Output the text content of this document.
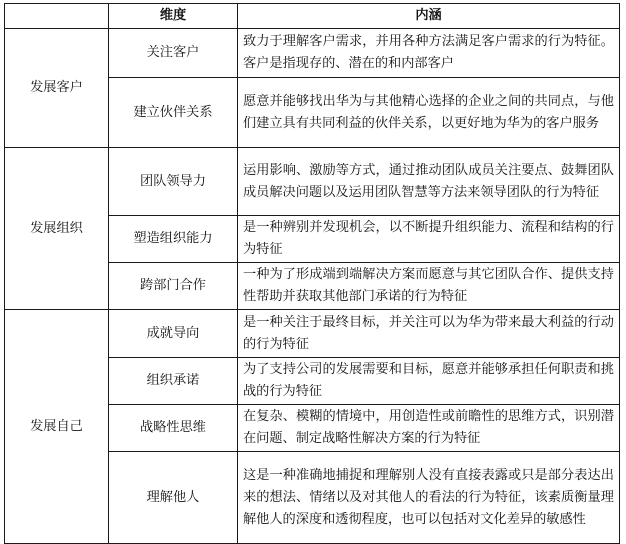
	维度	内涵
发展客户	关注客户	致力于理解客户需求，并用各种方法满足客户需求的行为特征。客户是指现存的、潜在的和内部客户
	建立伙伴关系	愿意并能够找出华为与其他精心选择的企业之间的共同点，与他们建立具有共同利益的伙伴关系，以更好地为华为的客户服务
发展组织	团队领导力	运用影响、激励等方式，通过推动团队成员关注要点、鼓舞团队成员解决问题以及运用团队智慧等方法来领导团队的行为特征
	塑造组织能力	是一种辨别并发现机会，以不断提升组织能力、流程和结构的行为特征
	跨部门合作	一种为了形成端到端解决方案而愿意与其它团队合作、提供支持性帮助并获取其他部门承诺的行为特征
发展自己	成就导向	是一种关注于最终目标，并关注可以为华为带来最大利益的行动的行为特征
	组织承诺	为了支持公司的发展需要和目标，愿意并能够承担任何职责和挑战的行为特征
	战略性思维	在复杂、模糊的情境中，用创造性或前瞻性的思维方式，识别潜在问题、制定战略性解决方案的行为特征
	理解他人	这是一种准确地捕捉和理解别人没有直接表露或只是部分表达出来的想法、情绪以及对其他人的看法的行为特征，该素质衡量理解他人的深度和透彻程度，也可以包括对文化差异的敏感性
